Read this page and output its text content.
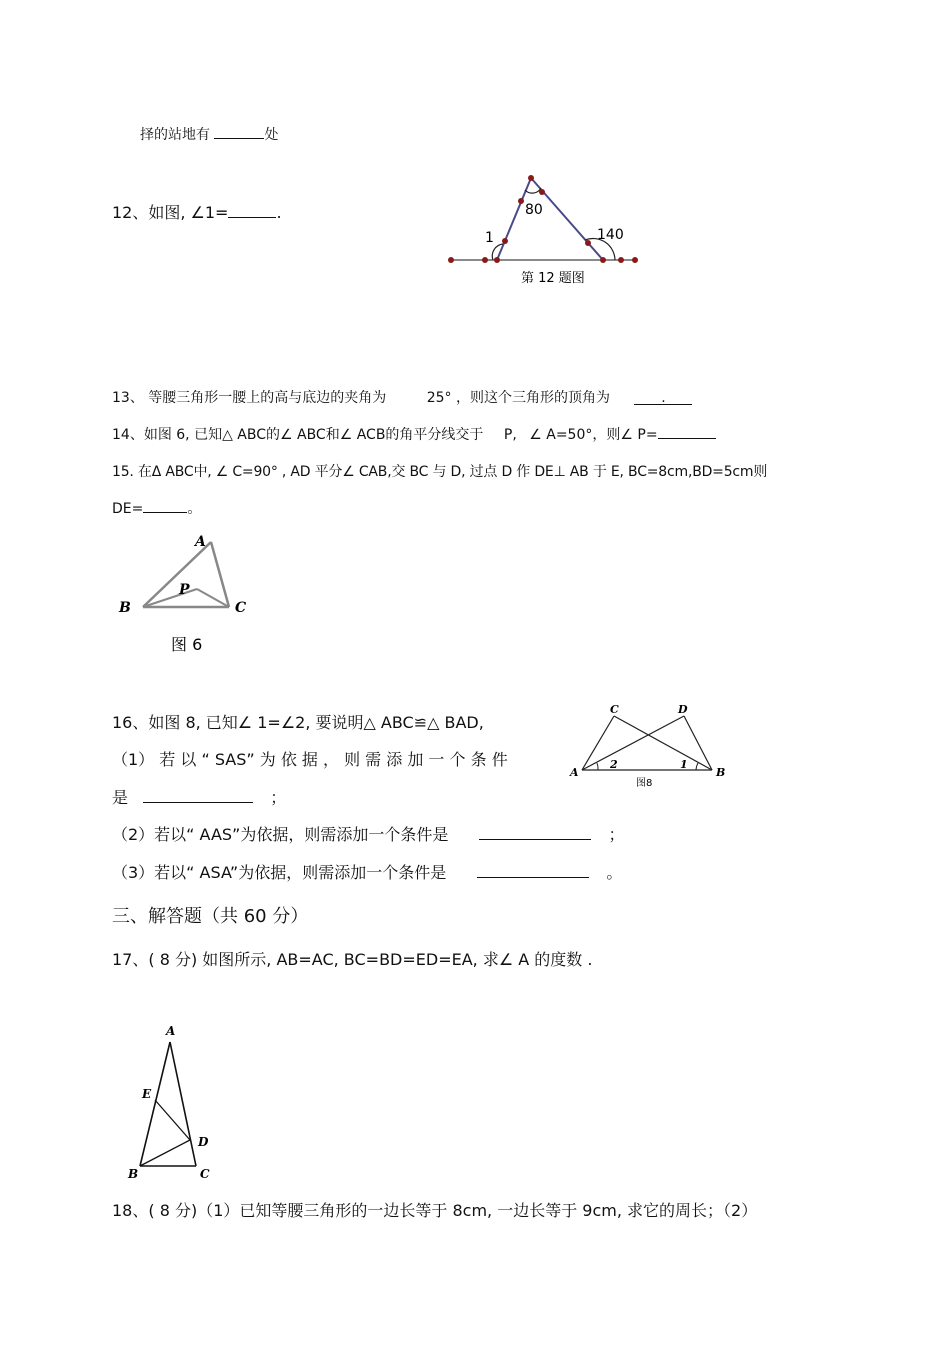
择的站地有	处
12、如图, ∠1=	.	80
140
1
第 12 题图
13、 等腰三角形一腰上的高与底边的夹角为	25° ，则这个三角形的顶角为	.
14、如图 6, 已知△ ABC的∠ ABC和∠ ACB的角平分线交于 P, ∠ A=50°，则∠ P=
15. 在Δ ABC中, ∠ C=90° , AD 平分∠ CAB,交 BC 与 D, 过点 D 作 DE⊥ AB 于 E, BC=8cm,BD=5cm则
DE=	。
A
B	C
P
图 6
16、如图 8, 已知∠ 1=∠2, 要说明△ ABC≌△ BAD,
（1） 若 以 “ SAS” 为 依 据 ， 则 需 添 加 一 个 条 件
是	；
（2）若以“ AAS”为依据，则需添加一个条件是	；
（3）若以“ ASA”为依据，则需添加一个条件是	。
A	B
C	D
2	1
图8
三、解答题（共 60 分）
17、( 8 分) 如图所示, AB=AC, BC=BD=ED=EA, 求∠ A 的度数 .
A
E
D
B	C
18、( 8 分)（1）已知等腰三角形的一边长等于 8cm, 一边长等于 9cm, 求它的周长；（2）
